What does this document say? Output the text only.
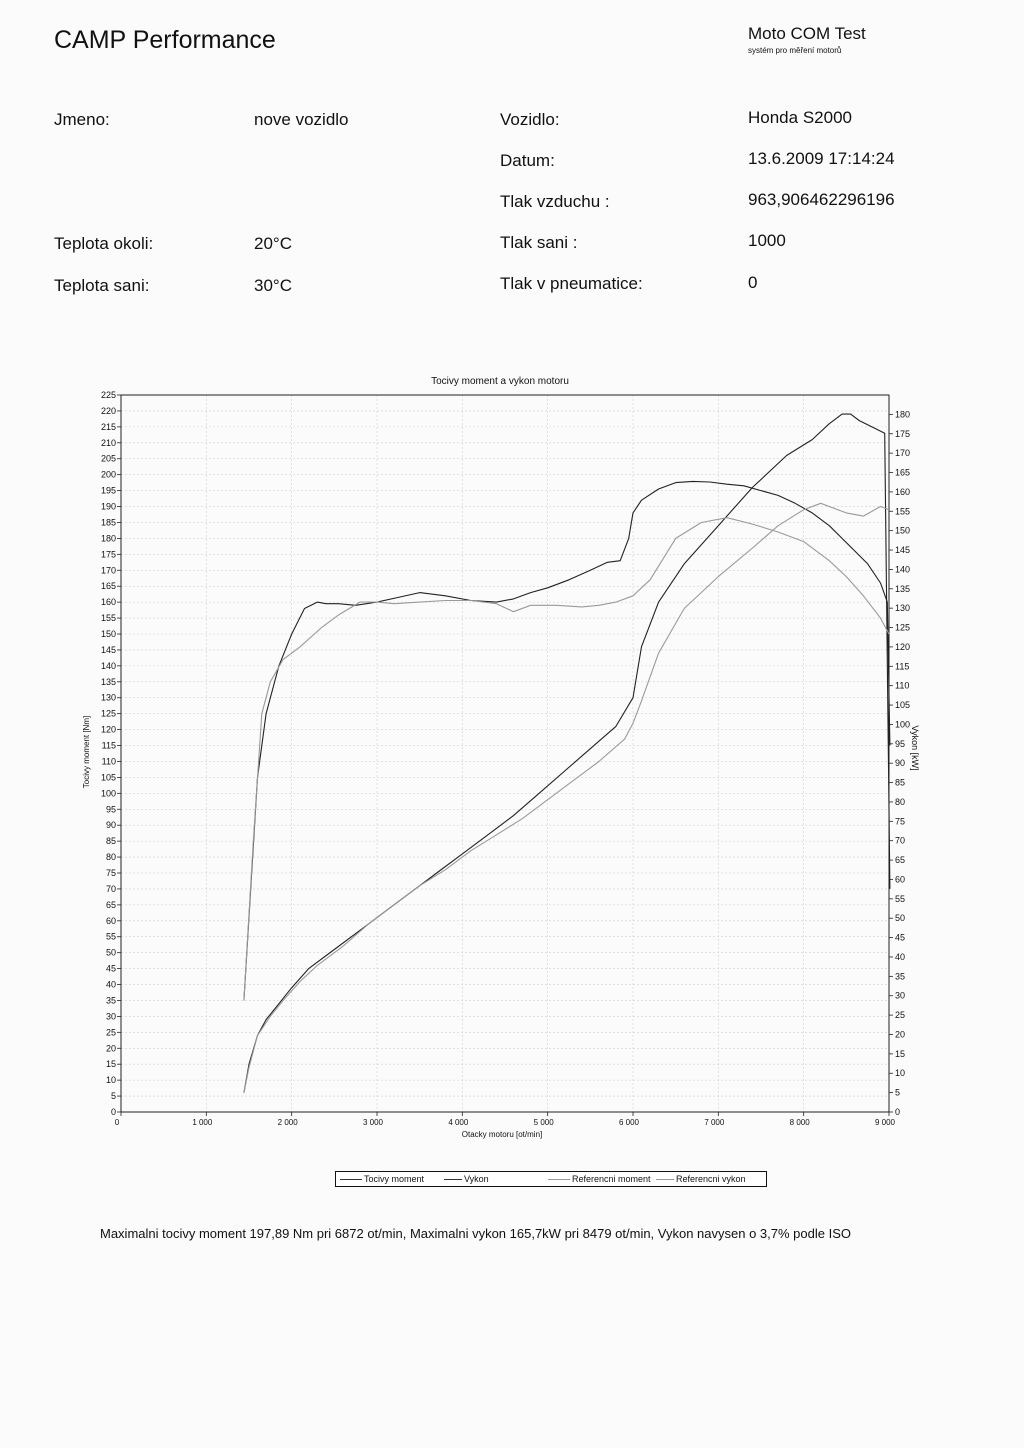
CAMP Performance	Moto COM Test
systém pro měření motorů
Jmeno:	nove vozidlo	Vozidlo:	Honda S2000
Datum:	13.6.2009 17:14:24
Tlak vzduchu :	963,906462296196
Teplota okoli:	20°C	Tlak sani :	1000
Teplota sani:	30°C	Tlak v pneumatice:	0
0
5
10
15
20
25
30
35
40
45
50
55
60
65
70
75
80
85
90
95
100
105
110
115
120
125
130
135
140
145
150
155
160
165
170
175
180
185
190
195
200
205
210
215
220
225
0
5
10
15
20
25
30
35
40
45
50
55
60
65
70
75
80
85
90
95
100
105
110
115
120
125
130
135
140
145
150
155
160
165
170
175
180
0	1 000	2 000	3 000	4 000	5 000	6 000	7 000	8 000	9 000
Tocivy moment a vykon motoru
Otacky motoru [ot/min]
Tocivy moment [Nm]	Vykon [kW]
Tocivy moment	Vykon	Referencni moment	Referencni vykon
Maximalni tocivy moment 197,89 Nm pri 6872 ot/min, Maximalni vykon 165,7kW pri 8479 ot/min, Vykon navysen o 3,7% podle ISO
